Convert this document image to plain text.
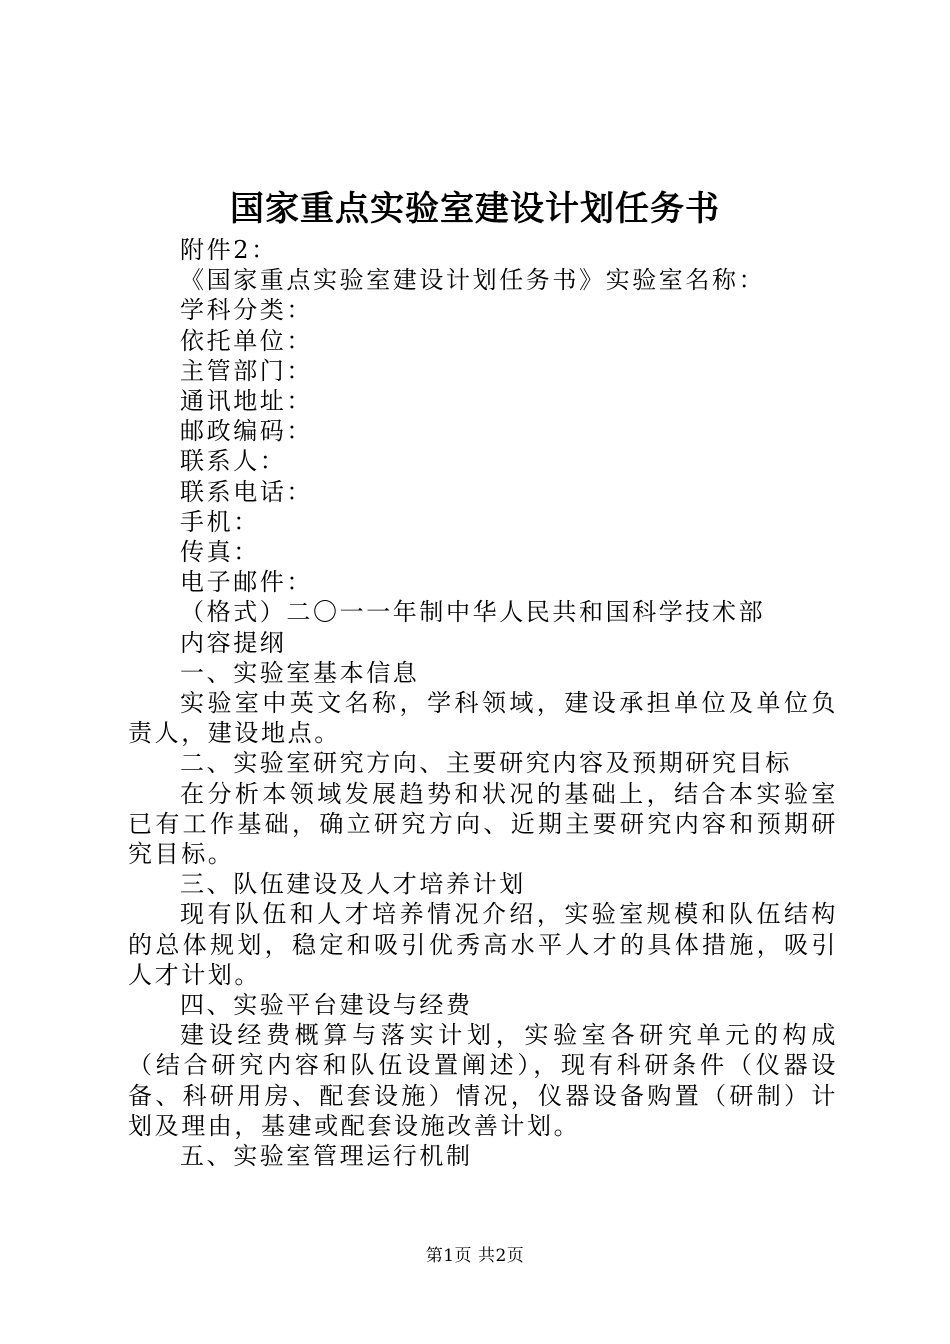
国家重点实验室建设计划任务书

附件2：

《国家重点实验室建设计划任务书》实验室名称：

学科分类：

依托单位：

主管部门：

通讯地址：

邮政编码：

联系人：

联系电话：

手机：

传真：

电子邮件：

（格式）二〇一一年制中华人民共和国科学技术部

内容提纲

一、实验室基本信息

实验室中英文名称，学科领域，建设承担单位及单位负责人，建设地点。

二、实验室研究方向、主要研究内容及预期研究目标

在分析本领域发展趋势和状况的基础上，结合本实验室已有工作基础，确立研究方向、近期主要研究内容和预期研究目标。

三、队伍建设及人才培养计划

现有队伍和人才培养情况介绍，实验室规模和队伍结构的总体规划，稳定和吸引优秀高水平人才的具体措施，吸引人才计划。

四、实验平台建设与经费

建设经费概算与落实计划，实验室各研究单元的构成（结合研究内容和队伍设置阐述），现有科研条件（仪器设备、科研用房、配套设施）情况，仪器设备购置（研制）计划及理由，基建或配套设施改善计划。

五、实验室管理运行机制

第1页 共2页
